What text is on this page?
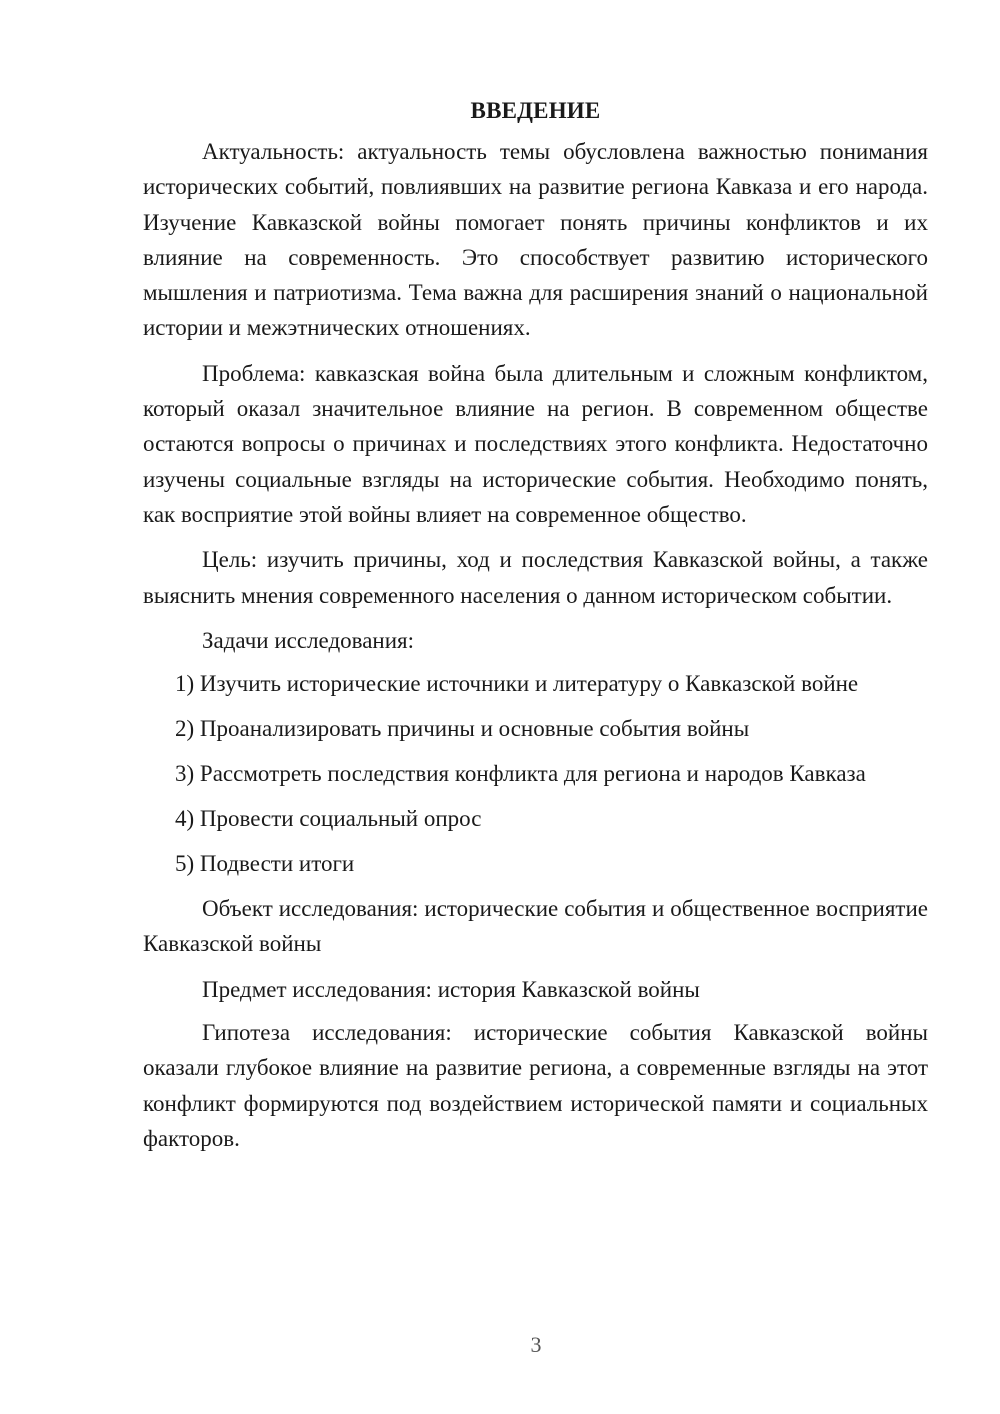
ВВЕДЕНИЕ

Актуальность: актуальность темы обусловлена важностью понимания исторических событий, повлиявших на развитие региона Кавказа и его народа. Изучение Кавказской войны помогает понять причины конфликтов и их влияние на современность. Это способствует развитию исторического мышления и патриотизма. Тема важна для расширения знаний о национальной истории и межэтнических отношениях.

Проблема: кавказская война была длительным и сложным конфликтом, который оказал значительное влияние на регион. В современном обществе остаются вопросы о причинах и последствиях этого конфликта. Недостаточно изучены социальные взгляды на исторические события. Необходимо понять, как восприятие этой войны влияет на современное общество.

Цель: изучить причины, ход и последствия Кавказской войны, а также выяснить мнения современного населения о данном историческом событии.

Задачи исследования:

1) Изучить исторические источники и литературу о Кавказской войне
2) Проанализировать причины и основные события войны
3) Рассмотреть последствия конфликта для региона и народов Кавказа
4) Провести социальный опрос
5) Подвести итоги

Объект исследования: исторические события и общественное восприятие Кавказской войны

Предмет исследования: история Кавказской войны

Гипотеза исследования: исторические события Кавказской войны оказали глубокое влияние на развитие региона, а современные взгляды на этот конфликт формируются под воздействием исторической памяти и социальных факторов.

3
